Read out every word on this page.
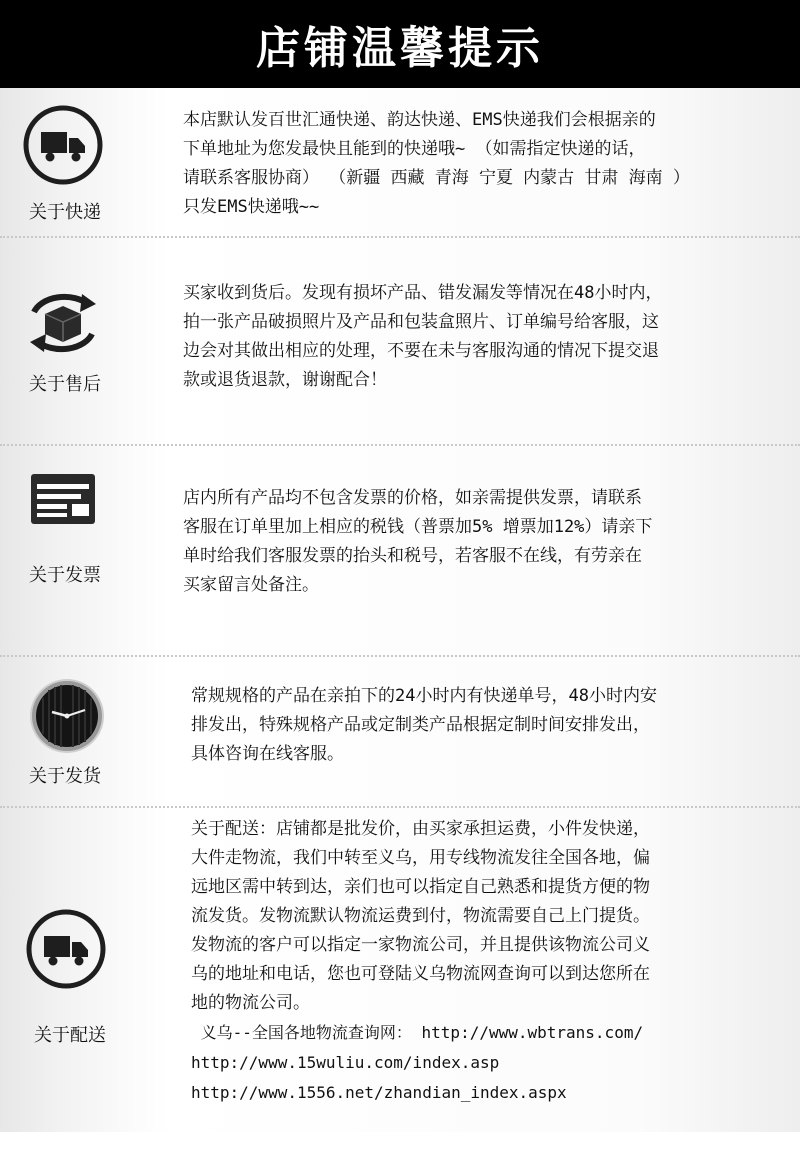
店铺温馨提示
关于快递
本店默认发百世汇通快递、韵达快递、EMS快递我们会根据亲的
下单地址为您发最快且能到的快递哦~ （如需指定快递的话，
请联系客服协商） （新疆 西藏 青海 宁夏 内蒙古 甘肃 海南 ）
只发EMS快递哦~~
关于售后
买家收到货后。发现有损坏产品、错发漏发等情况在48小时内，
拍一张产品破损照片及产品和包装盒照片、订单编号给客服，这
边会对其做出相应的处理，不要在未与客服沟通的情况下提交退
款或退货退款，谢谢配合！
关于发票
店内所有产品均不包含发票的价格，如亲需提供发票，请联系
客服在订单里加上相应的税钱（普票加5% 增票加12%）请亲下
单时给我们客服发票的抬头和税号，若客服不在线，有劳亲在
买家留言处备注。
关于发货
常规规格的产品在亲拍下的24小时内有快递单号，48小时内安
排发出，特殊规格产品或定制类产品根据定制时间安排发出，
具体咨询在线客服。
关于配送
关于配送：店铺都是批发价，由买家承担运费，小件发快递，
大件走物流，我们中转至义乌，用专线物流发往全国各地，偏
远地区需中转到达，亲们也可以指定自己熟悉和提货方便的物
流发货。发物流默认物流运费到付，物流需要自己上门提货。
发物流的客户可以指定一家物流公司，并且提供该物流公司义
乌的地址和电话，您也可登陆义乌物流网查询可以到达您所在
地的物流公司。
义乌--全国各地物流查询网： http://www.wbtrans.com/
http://www.15wuliu.com/index.asp
http://www.1556.net/zhandian_index.aspx
